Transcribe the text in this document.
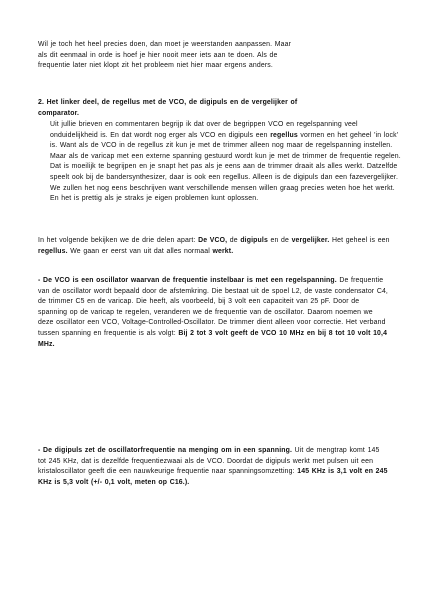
Wil je toch het heel precies doen, dan moet je weerstanden aanpassen. Maar

als dit eenmaal in orde is hoef je hier nooit meer iets aan te doen. Als de

frequentie later niet klopt zit het probleem niet hier maar ergens anders.

2. Het linker deel, de regellus met de VCO, de digipuls en de vergelijker of

comparator.

Uit jullie brieven en commentaren begrijp ik dat over de begrippen VCO en regelspanning veel onduidelijkheid is. En dat wordt nog erger als VCO en digipuls een regellus vormen en het geheel 'in lock' is. Want als de VCO in de regellus zit kun je met de trimmer alleen nog maar de regelspanning instellen. Maar als de varicap met een externe spanning gestuurd wordt kun je met de trimmer de frequentie regelen. Dat is moeilijk te begrijpen en je snapt het pas als je eens aan de trimmer draait als alles werkt. Datzelfde speelt ook bij de bandersynthesizer, daar is ook een regellus. Alleen is de digipuls dan een fazevergelijker. We zullen het nog eens beschrijven want verschillende mensen willen graag precies weten hoe het werkt. En het is prettig als je straks je eigen problemen kunt oplossen.

In het volgende bekijken we de drie delen apart: De VCO, de digipuls en de vergelijker. Het geheel is een regellus. We gaan er eerst van uit dat alles normaal werkt.

- De VCO is een oscillator waarvan de frequentie instelbaar is met een regelspanning. De frequentie van de oscillator wordt bepaald door de afstemkring. Die bestaat uit de spoel L2, de vaste condensator C4, de trimmer C5 en de varicap. Die heeft, als voorbeeld, bij 3 volt een capaciteit van 25 pF. Door de spanning op de varicap te regelen, veranderen we de frequentie van de oscillator. Daarom noemen we deze oscillator een VCO, Voltage-Controlled-Oscillator. De trimmer dient alleen voor correctie. Het verband tussen spanning en frequentie is als volgt: Bij 2 tot 3 volt geeft de VCO 10 MHz en bij 8 tot 10 volt 10,4 MHz.

- De digipuls zet de oscillatorfrequentie na menging om in een spanning. Uit de mengtrap komt 145 tot 245 KHz, dat is dezelfde frequentiezwaai als de VCO. Doordat de digipuls werkt met pulsen uit een kristaloscillator geeft die een nauwkeurige frequentie naar spanningsomzetting: 145 KHz is 3,1 volt en 245 KHz is 5,3 volt (+/- 0,1 volt, meten op C16.).
